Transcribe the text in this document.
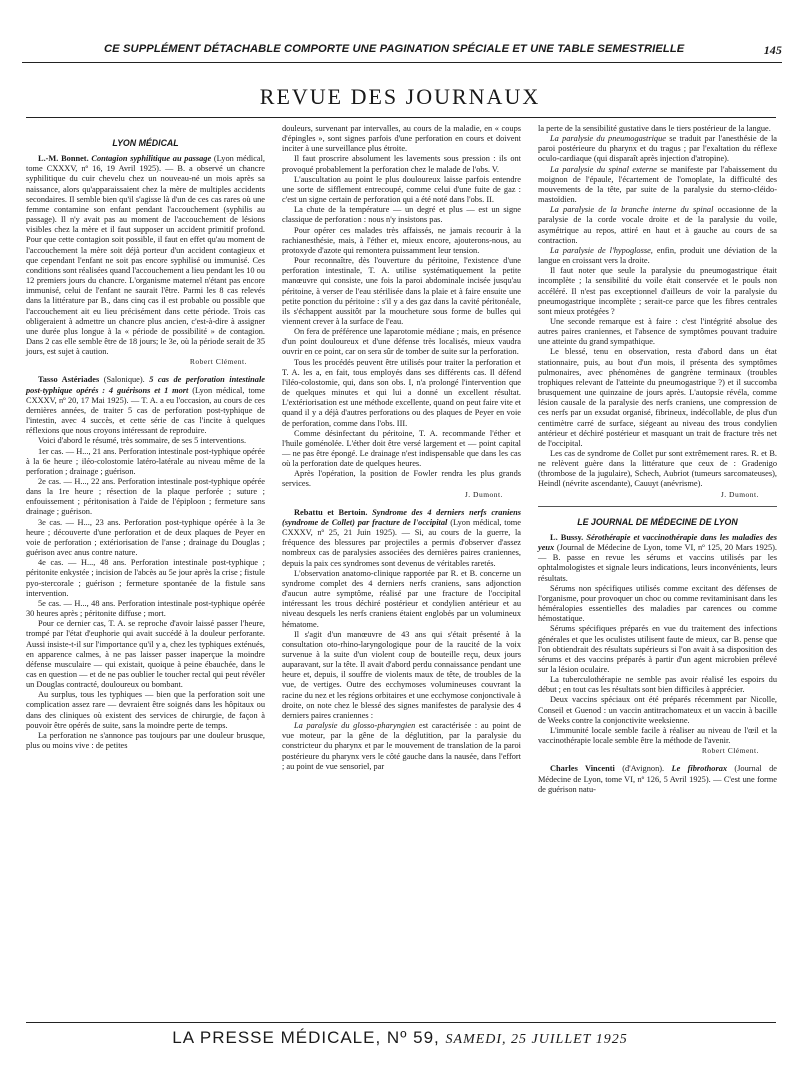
CE SUPPLÉMENT DÉTACHABLE COMPORTE UNE PAGINATION SPÉCIALE ET UNE TABLE SEMESTRIELLE	145
REVUE DES JOURNAUX
LYON MÉDICAL

L.-M. Bonnet. Contagion syphilitique au passage (Lyon médical, tome CXXXV, nº 16, 19 Avril 1925). — B. a observé un chancre syphilitique du cuir chevelu chez un nouveau-né un mois après sa naissance, alors qu'apparaissaient chez la mère de multiples accidents secondaires. Il semble bien qu'il s'agisse là d'un de ces cas rares où une femme contamine son enfant pendant l'accouchement (syphilis au passage). Il n'y avait pas au moment de l'accouchement de lésions visibles chez la mère et il faut supposer un accident primitif profond. Pour que cette contagion soit possible, il faut en effet qu'au moment de l'accouchement la mère soit déjà porteur d'un accident contagieux et que cependant l'enfant ne soit pas encore syphilisé ou immunisé. Ces conditions sont réalisées quand l'accouchement a lieu pendant les 10 ou 12 premiers jours du chancre. L'organisme maternel n'étant pas encore immunisé, celui de l'enfant ne saurait l'être. Parmi les 8 cas relevés dans la littérature par B., dans cinq cas il est probable ou possible que l'accouchement ait eu lieu précisément dans cette période. Trois cas obligeraient à admettre un chancre plus ancien, c'est-à-dire à assigner une durée plus longue à la « période de possibilité » de contagion. Dans 2 cas elle semble être de 18 jours; le 3e, où la période serait de 35 jours, est sujet à caution.

Robert Clément.

Tasso Astériades (Salonique). 5 cas de perforation intestinale post-typhique opérés : 4 guérisons et 1 mort (Lyon médical, tome CXXXV, nº 20, 17 Mai 1925). — T. A. a eu l'occasion, au cours de ces dernières années, de traiter 5 cas de perforation post-typhique de l'intestin, avec 4 succès, et cette série de cas l'incite à quelques réflexions que nous croyons intéressant de reproduire.

Voici d'abord le résumé, très sommaire, de ses 5 interventions.

1er cas. — H..., 21 ans. Perforation intestinale post-typhique opérée à la 6e heure ; iléo-colostomie latéro-latérale au niveau même de la perforation ; drainage ; guérison.

2e cas. — H..., 22 ans. Perforation intestinale post-typhique opérée dans la 1re heure ; résection de la plaque perforée ; suture ; enfouissement ; péritonisation à l'aide de l'épiploon ; fermeture sans drainage ; guérison.

3e cas. — H..., 23 ans. Perforation post-typhique opérée à la 3e heure ; découverte d'une perforation et de deux plaques de Peyer en voie de perforation ; extériorisation de l'anse ; drainage du Douglas ; guérison avec anus contre nature.

4e cas. — H..., 48 ans. Perforation intestinale post-typhique ; péritonite enkystée ; incision de l'abcès au 5e jour après la crise ; fistule pyo-stercorale ; guérison ; fermeture spontanée de la fistule sans intervention.

5e cas. — H..., 48 ans. Perforation intestinale post-typhique opérée 30 heures après ; péritonite diffuse ; mort.

Pour ce dernier cas, T. A. se reproche d'avoir laissé passer l'heure, trompé par l'état d'euphorie qui avait succédé à la douleur perforante. Aussi insiste-t-il sur l'importance qu'il y a, chez les typhiques exténués, en apparence calmes, à ne pas laisser passer inaperçue la moindre défense musculaire — qui existait, quoique à peine ébauchée, dans le cas en question — et de ne pas oublier le toucher rectal qui peut révéler un Douglas contracté, douloureux ou bombant.

Au surplus, tous les typhiques — bien que la perforation soit une complication assez rare — devraient être soignés dans les hôpitaux ou dans des cliniques où existent des services de chirurgie, de façon à pouvoir être opérés de suite, sans la moindre perte de temps.

La perforation ne s'annonce pas toujours par une douleur brusque, plus ou moins vive : de petites

douleurs, survenant par intervalles, au cours de la maladie, en « coups d'épingles », sont signes parfois d'une perforation en cours et doivent inciter à une surveillance plus étroite.

Il faut proscrire absolument les lavements sous pression : ils ont provoqué probablement la perforation chez le malade de l'obs. V.

L'auscultation au point le plus douloureux laisse parfois entendre une sorte de sifflement entrecoupé, comme celui d'une fuite de gaz : c'est un signe certain de perforation qui a été noté dans l'obs. II.

La chute de la température — un degré et plus — est un signe classique de perforation : nous n'y insistons pas.

Pour opérer ces malades très affaissés, ne jamais recourir à la rachianesthésie, mais, à l'éther et, mieux encore, ajouterons-nous, au protoxyde d'azote qui remontera puissamment leur tension.

Pour reconnaître, dès l'ouverture du péritoine, l'existence d'une perforation intestinale, T. A. utilise systématiquement la petite manœuvre qui consiste, une fois la paroi abdominale incisée jusqu'au péritoine, à verser de l'eau stérilisée dans la plaie et à faire ensuite une petite ponction du péritoine : s'il y a des gaz dans la cavité péritonéale, ils s'échappent aussitôt par la moucheture sous forme de bulles qui viennent crever à la surface de l'eau.

On fera de préférence une laparotomie médiane ; mais, en présence d'un point douloureux et d'une défense très localisés, mieux vaudra ouvrir en ce point, car on sera sûr de tomber de suite sur la perforation.

Tous les procédés peuvent être utilisés pour traiter la perforation et T. A. les a, en fait, tous employés dans ses différents cas. Il défend l'iléo-colostomie, qui, dans son obs. I, n'a prolongé l'intervention que de quelques minutes et qui lui a donné un excellent résultat. L'extériorisation est une méthode excellente, quand on peut faire vite et quand il y a déjà d'autres perforations ou des plaques de Peyer en voie de perforation, comme dans l'obs. III.

Comme désinfectant du péritoine, T. A. recommande l'éther et l'huile goménolée. L'éther doit être versé largement et — point capital — ne pas être épongé. Le drainage n'est indispensable que dans les cas où la perforation date de quelques heures.

Après l'opération, la position de Fowler rendra les plus grands services.

J. Dumont.

Rebattu et Bertoin. Syndrome des 4 derniers nerfs craniens (syndrome de Collet) par fracture de l'occipital (Lyon médical, tome CXXXV, nº 25, 21 Juin 1925). — Si, au cours de la guerre, la fréquence des blessures par projectiles a permis d'observer d'assez nombreux cas de paralysies associées des dernières paires craniennes, depuis la paix ces syndromes sont devenus de véritables raretés.

L'observation anatomo-clinique rapportée par R. et B. concerne un syndrome complet des 4 derniers nerfs craniens, sans adjonction d'aucun autre symptôme, réalisé par une fracture de l'occipital intéressant les trous déchiré postérieur et condylien antérieur et au niveau desquels les nerfs craniens étaient englobés par un volumineux hématome.

Il s'agit d'un manœuvre de 43 ans qui s'était présenté à la consultation oto-rhino-laryngologique pour de la raucité de la voix survenue à la suite d'un violent coup de bouteille reçu, deux jours auparavant, sur la tête. Il avait d'abord perdu connaissance pendant une heure et, depuis, il souffre de violents maux de tête, de troubles de la vue, de vertiges. Outre des ecchymoses volumineuses couvrant la racine du nez et les régions orbitaires et une ecchymose conjonctivale à droite, on note chez le blessé des signes manifestes de paralysie des 4 derniers paires craniennes :

La paralysie du glosso-pharyngien est caractérisée : au point de vue moteur, par la gêne de la déglutition, par la paralysie du constricteur du pharynx et par le mouvement de translation de la paroi postérieure du pharynx vers le côté gauche dans la nausée, dans l'effort ; au point de vue sensoriel, par

la perte de la sensibilité gustative dans le tiers postérieur de la langue.

La paralysie du pneumogastrique se traduit par l'anesthésie de la paroi postérieure du pharynx et du tragus ; par l'exaltation du réflexe oculo-cardiaque (qui disparaît après injection d'atropine).

La paralysie du spinal externe se manifeste par l'abaissement du moignon de l'épaule, l'écartement de l'omoplate, la difficulté des mouvements de la tête, par suite de la paralysie du sterno-cléido-mastoïdien.

La paralysie de la branche interne du spinal occasionne de la paralysie de la corde vocale droite et de la paralysie du voile, asymétrique au repos, attiré en haut et à gauche au cours de sa contraction.

La paralysie de l'hypoglosse, enfin, produit une déviation de la langue en croissant vers la droite.

Il faut noter que seule la paralysie du pneumogastrique était incomplète ; la sensibilité du voile était conservée et le pouls non accéléré. Il n'est pas exceptionnel d'ailleurs de voir la paralysie du pneumogastrique incomplète ; serait-ce parce que les fibres centrales sont mieux protégées ?

Une seconde remarque est à faire : c'est l'intégrité absolue des autres paires craniennes, et l'absence de symptômes pouvant traduire une atteinte du grand sympathique.

Le blessé, tenu en observation, resta d'abord dans un état stationnaire, puis, au bout d'un mois, il présenta des symptômes pulmonaires, avec phénomènes de gangrène terminaux (troubles trophiques relevant de l'atteinte du pneumogastrique ?) et il succomba brusquement une quinzaine de jours après. L'autopsie révéla, comme lésion causale de la paralysie des nerfs craniens, une compression de ces nerfs par un exsudat organisé, fibrineux, indécollable, de plus d'un centimètre carré de surface, siégeant au niveau des trous condylien antérieur et déchiré postérieur et masquant un trait de fracture très net de l'occipital.

Les cas de syndrome de Collet pur sont extrêmement rares. R. et B. ne relèvent guère dans la littérature que ceux de : Gradenigo (thrombose de la jugulaire), Schech, Aubriot (tumeurs sarcomateuses), Heindl (névrite ascendante), Cauuyt (anévrisme).

J. Dumont.

LE JOURNAL DE MÉDECINE DE LYON

L. Bussy. Sérothérapie et vaccinothérapie dans les maladies des yeux (Journal de Médecine de Lyon, tome VI, nº 125, 20 Mars 1925). — B. passe en revue les sérums et vaccins utilisés par les ophtalmologistes et signale leurs indications, leurs inconvénients, leurs résultats.

Sérums non spécifiques utilisés comme excitant des défenses de l'organisme, pour provoquer un choc ou comme revitaminisant dans les héméralopies essentielles des maladies par carences ou comme hémostatique.

Sérums spécifiques préparés en vue du traitement des infections générales et que les oculistes utilisent faute de mieux, car B. pense que l'on obtiendrait des résultats supérieurs si l'on avait à sa disposition des sérums et des vaccins préparés à partir d'un agent microbien prélevé sur la lésion oculaire.

La tuberculothérapie ne semble pas avoir réalisé les espoirs du début ; en tout cas les résultats sont bien difficiles à apprécier.

Deux vaccins spéciaux ont été préparés récemment par Nicolle, Conseil et Guenod : un vaccin antitrachomateux et un vaccin à bacille de Weeks contre la conjonctivite weeksienne.

L'immunité locale semble facile à réaliser au niveau de l'œil et la vaccinothérapie locale semble être la méthode de l'avenir.

Robert Clément.

Charles Vincenti (d'Avignon). Le fibrothorax (Journal de Médecine de Lyon, tome VI, nº 126, 5 Avril 1925). — C'est une forme de guérison natu-

LA PRESSE MÉDICALE, Nº 59, SAMEDI, 25 JUILLET 1925
